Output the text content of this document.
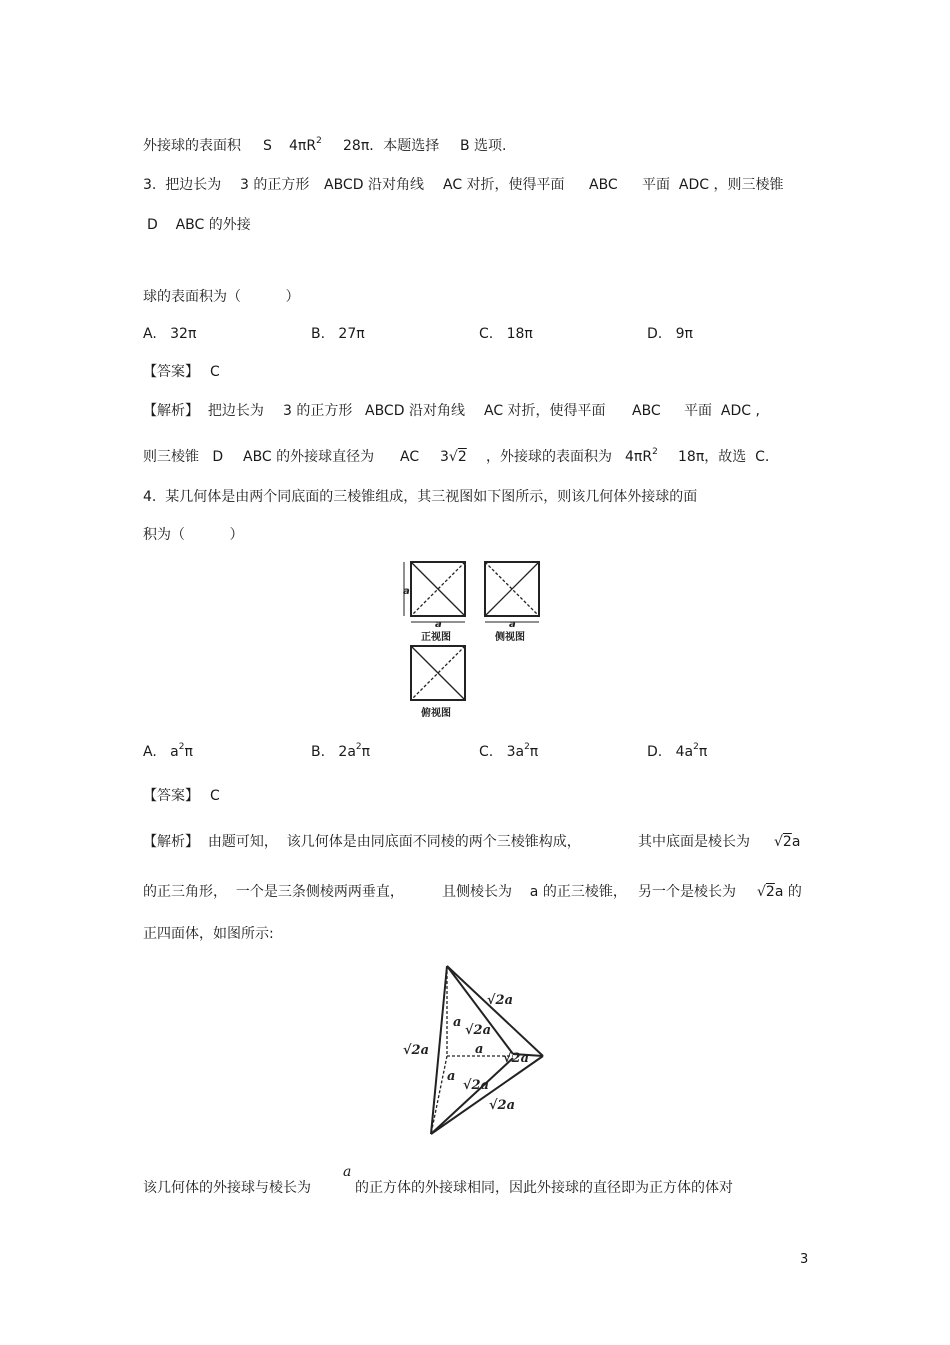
外接球的表面积 S $4\pi R^2$ 28π．本题选择 B 选项.
3.  把边长为 3 的正方形 ABCD 沿对角线 AC 对折，使得平面 ABC 平面  ADC ，则三棱锥
D    ABC 的外接
球的表面积为（          ）
A.   32π	B.   27π	C.   18π	D.   9π
【答案】 C
【解析】  把边长为 3 的正方形 ABCD 沿对角线 AC 对折，使得平面 ABC 平面  ADC ,
则三棱锥   D ABC 的外接球直径为 AC 3√2 ，外接球的表面积为 $4\pi R^2$ 18π，故选  C.
4.  某几何体是由两个同底面的三棱锥组成，其三视图如下图所示，则该几何体外接球的面
积为（          ）
a
a
正视图
a
侧视图
俯视图
A.   $a^2\pi$	B.   $2a^2\pi$	C.   $3a^2\pi$	D.   $4a^2\pi$
【答案】 C
【解析】  由题可知，  该几何体是由同底面不同棱的两个三棱锥构成，	其中底面是棱长为 √2a
的正三角形，  一个是三条侧棱两两垂直，	且侧棱长为    a 的正三棱锥， 另一个是棱长为 √2a 的
正四面体，如图所示:
√2a
√2a
√2a
a
a
a
√2a
√2a
√2a
该几何体的外接球与棱长为
a
的正方体的外接球相同，因此外接球的直径即为正方体的体对
3
